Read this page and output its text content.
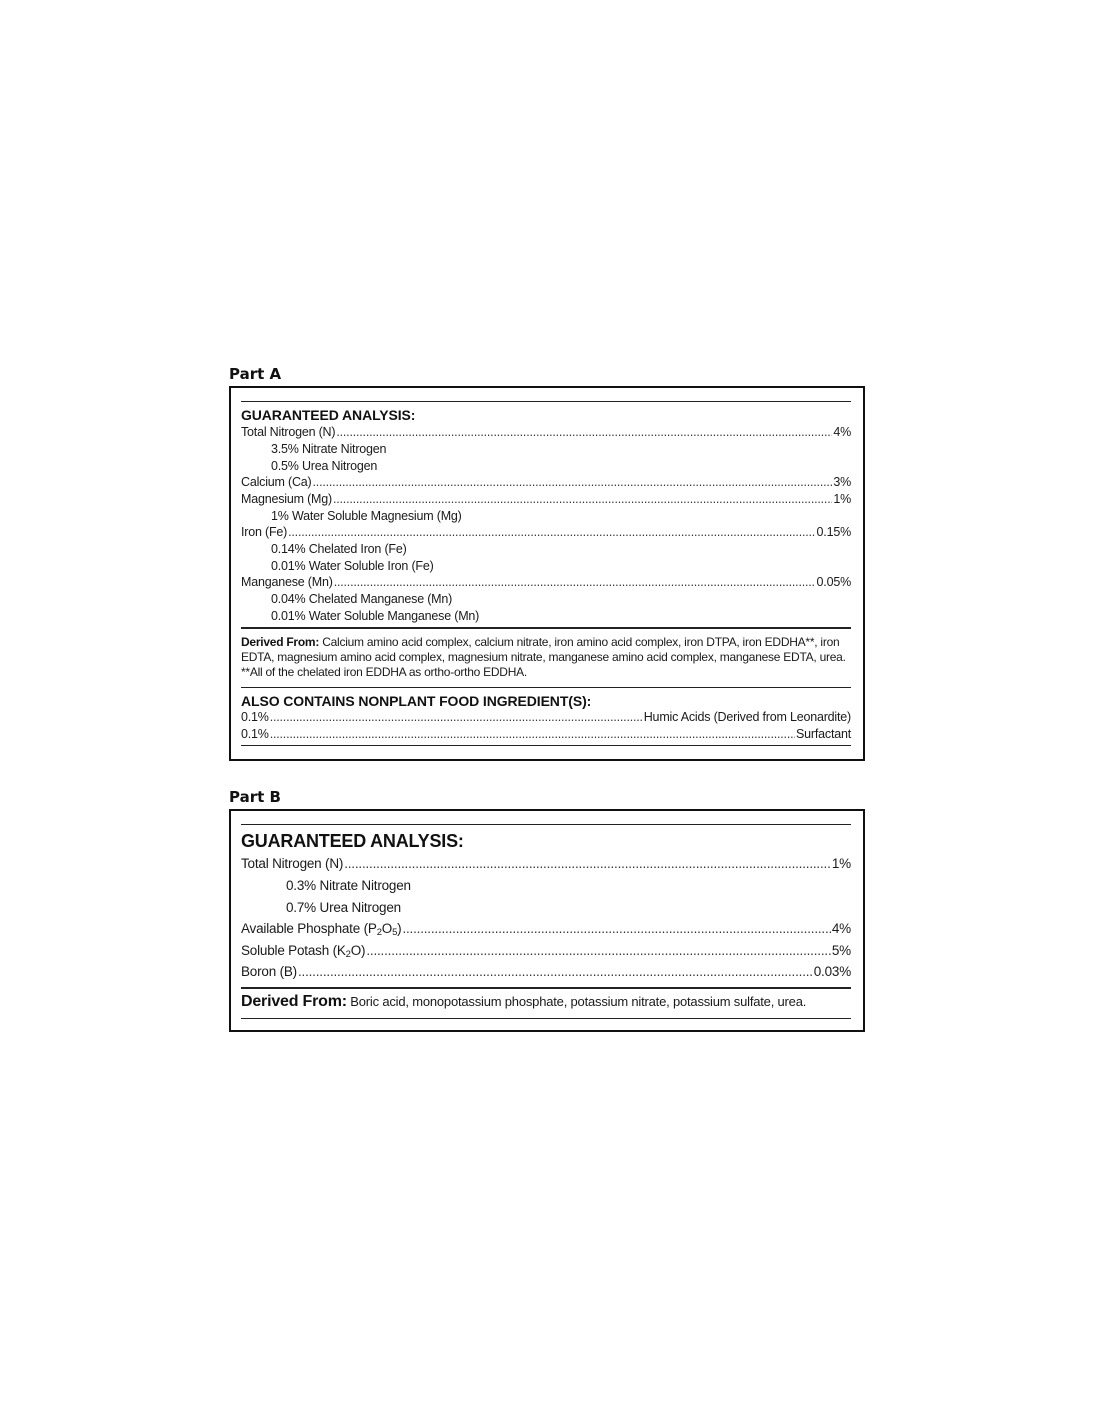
Part A
GUARANTEED ANALYSIS:
Total Nitrogen (N) .....	4%
3.5% Nitrate Nitrogen
0.5% Urea Nitrogen
Calcium (Ca) .....	3%
Magnesium (Mg) .....	1%
1% Water Soluble Magnesium (Mg)
Iron (Fe) .....	0.15%
0.14% Chelated Iron (Fe)
0.01% Water Soluble Iron (Fe)
Manganese (Mn) .....	0.05%
0.04% Chelated Manganese (Mn)
0.01% Water Soluble Manganese (Mn)

Derived From: Calcium amino acid complex, calcium nitrate, iron amino acid complex, iron DTPA, iron EDDHA**, iron EDTA, magnesium amino acid complex, magnesium nitrate, manganese amino acid complex, manganese EDTA, urea.
**All of the chelated iron EDDHA as ortho-ortho EDDHA.

ALSO CONTAINS NONPLANT FOOD INGREDIENT(S):
0.1% .....	Humic Acids (Derived from Leonardite)
0.1% .....	Surfactant
Part B
GUARANTEED ANALYSIS:
Total Nitrogen (N) .....	1%
0.3% Nitrate Nitrogen
0.7% Urea Nitrogen
Available Phosphate $(P_2O_5)$ .....	4%
Soluble Potash $(K_2O)$ .....	5%
Boron (B) .....	0.03%

Derived From: Boric acid, monopotassium phosphate, potassium nitrate, potassium sulfate, urea.
